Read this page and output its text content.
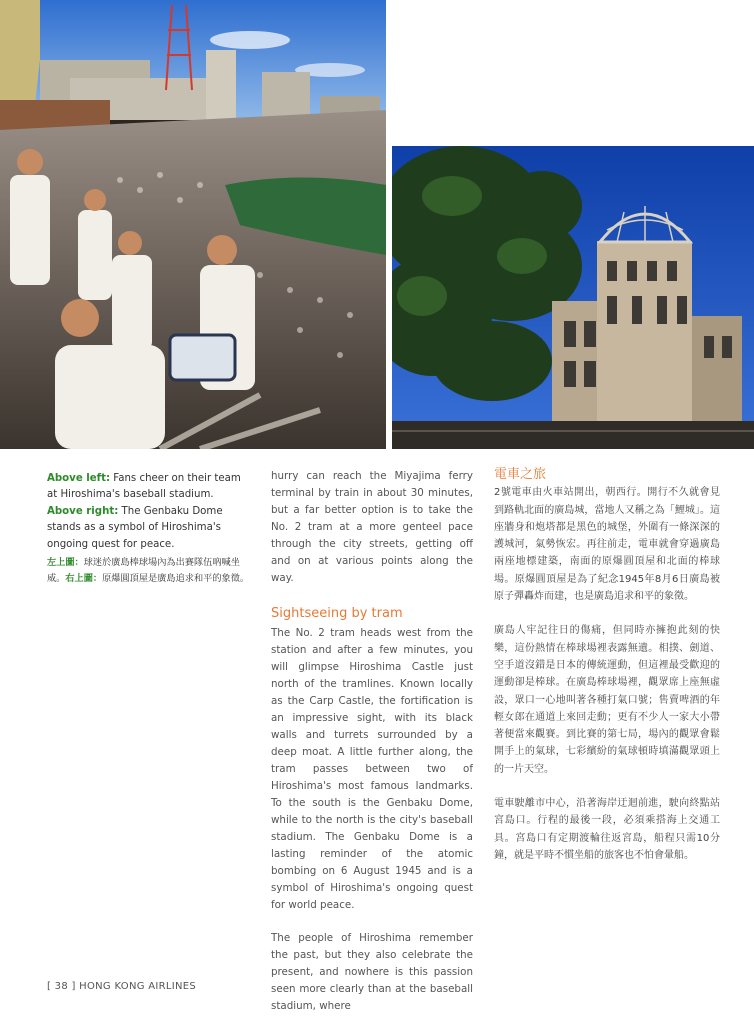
Above left: Fans cheer on their team at Hiroshima's baseball stadium. Above right: The Genbaku Dome stands as a symbol of Hiroshima's ongoing quest for peace.
左上圖：球迷於廣島棒球場內為出賽隊伍吶喊坐威。右上圖：原爆圓頂屋是廣島追求和平的象徵。

hurry can reach the Miyajima ferry terminal by train in about 30 minutes, but a far better option is to take the No. 2 tram at a more genteel pace through the city streets, getting off and on at various points along the way.

Sightseeing by tram

The No. 2 tram heads west from the station and after a few minutes, you will glimpse Hiroshima Castle just north of the tramlines. Known locally as the Carp Castle, the fortification is an impressive sight, with its black walls and turrets surrounded by a deep moat. A little further along, the tram passes between two of Hiroshima's most famous landmarks. To the south is the Genbaku Dome, while to the north is the city's baseball stadium. The Genbaku Dome is a lasting reminder of the atomic bombing on 6 August 1945 and is a symbol of Hiroshima's ongoing quest for world peace.

The people of Hiroshima remember the past, but they also celebrate the present, and nowhere is this passion seen more clearly than at the baseball stadium, where

電車之旅

2號電車由火車站開出，朝西行。開行不久就會見到路軌北面的廣島城，當地人又稱之為「鯉城」。這座牆身和炮塔都是黑色的城堡，外圍有一條深深的護城河，氣勢恢宏。再往前走，電車就會穿過廣島兩座地標建築，南面的原爆圓頂屋和北面的棒球場。原爆圓頂屋是為了紀念1945年8月6日廣島被原子彈轟炸而建，也是廣島追求和平的象徵。

廣島人牢記往日的傷痛，但同時亦擁抱此刻的快樂，這份熱情在棒球場裡表露無遺。相撲、劍道、空手道沒錯是日本的傳統運動，但這裡最受歡迎的運動卻是棒球。在廣島棒球場裡，觀眾席上座無虛設，眾口一心地叫著各種打氣口號；售賣啤酒的年輕女郎在通道上來回走動；更有不少人一家大小帶著便當來觀賽。到比賽的第七局，場內的觀眾會鬆開手上的氣球，七彩繽紛的氣球頓時填滿觀眾頭上的一片天空。

電車駛離市中心，沿著海岸迂迴前進，駛向終點站宮島口。行程的最後一段，必須乘搭海上交通工具。宮島口有定期渡輪往返宮島，船程只需10分鐘，就是平時不慣坐船的旅客也不怕會暈船。

[ 38 ] HONG KONG AIRLINES
